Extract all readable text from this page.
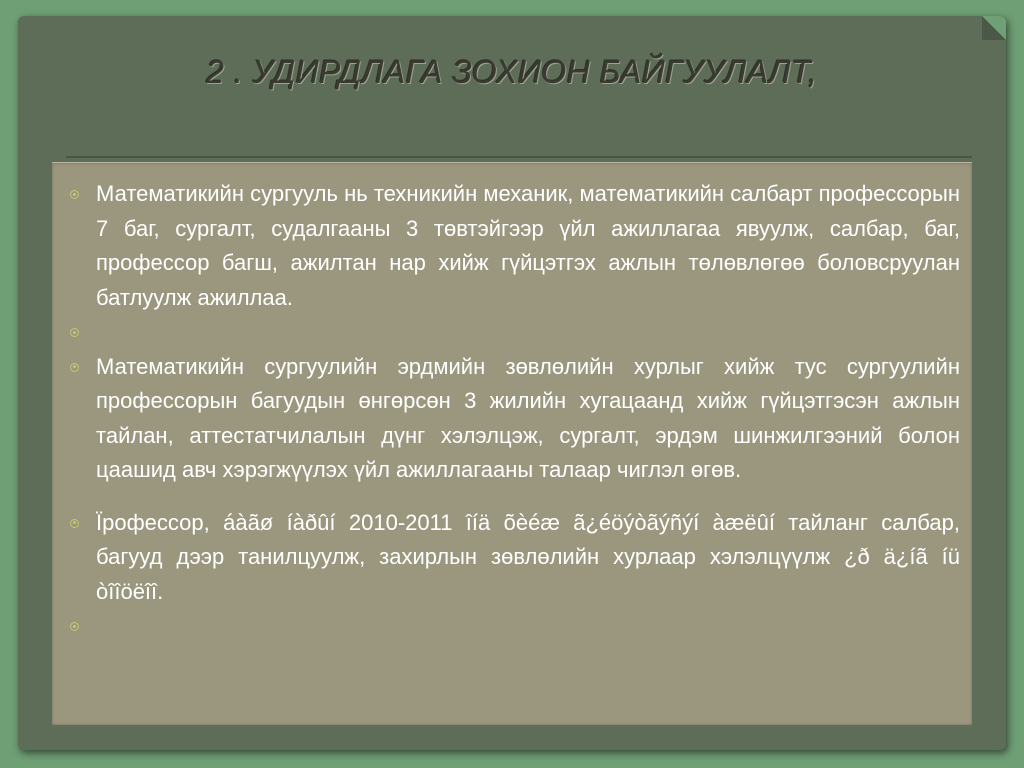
2 . УДИРДЛАГА ЗОХИОН БАЙГУУЛАЛТ,
Математикийн сургууль нь техникийн механик, математикийн салбарт профессорын 7 баг, сургалт, судалгааны 3 төвтэйгээр үйл ажиллагаа явуулж, салбар, баг, профессор багш, ажилтан нар хийж гүйцэтгэх ажлын төлөвлөгөө боловсруулан батлуулж ажиллаа.
Математикийн сургуулийн эрдмийн зөвлөлийн хурлыг хийж тус сургуулийн профессорын багуудын өнгөрсөн 3 жилийн хугацаанд хийж гүйцэтгэсэн ажлын тайлан, аттестатчилалын дүнг хэлэлцэж, сургалт, эрдэм шинжилгээний болон цаашид авч хэрэгжүүлэх үйл ажиллагааны талаар чиглэл өгөв.
Ïрофессор, áàãø íàðûí 2010-2011 îíä õèéæ ã¿éöýòãýñýí àæëûí тайланг салбар, багууд дээр танилцуулж, захирлын зөвлөлийн хурлаар хэлэлцүүлж ¿ð ä¿íã íü òîîöëîî.
